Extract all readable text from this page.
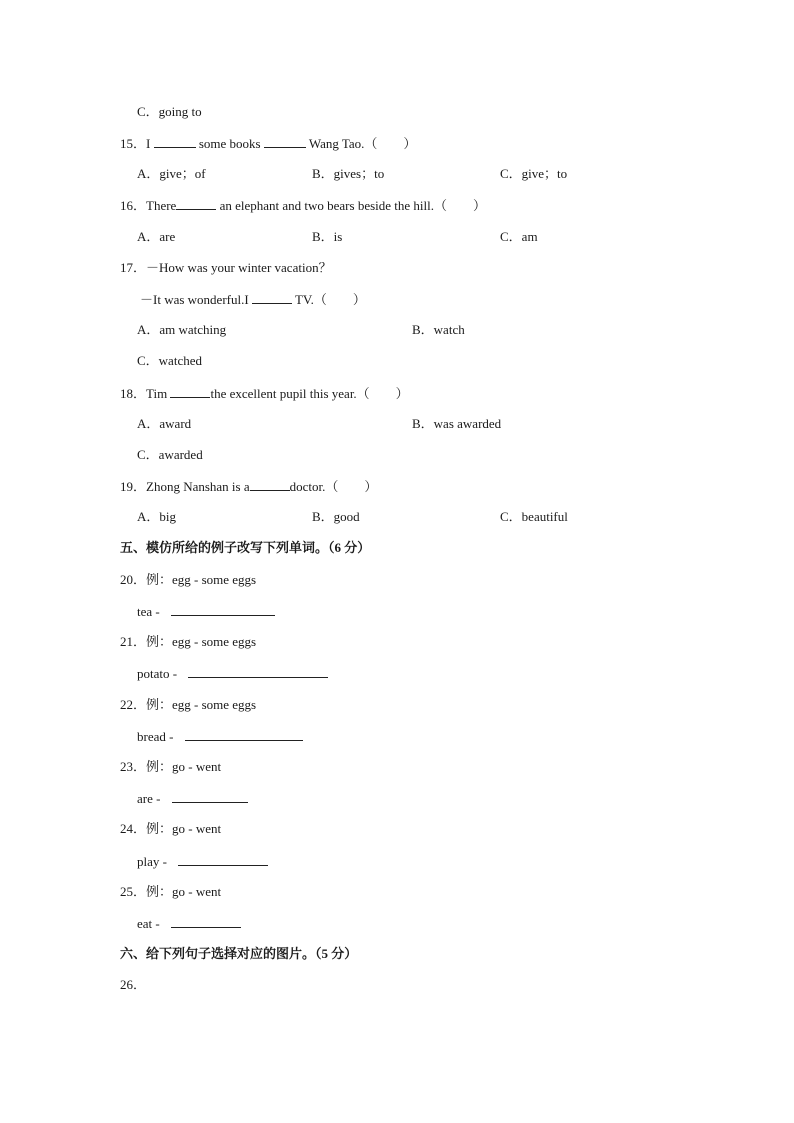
C．going to
15．I	some books	Wang Tao.（　　）
A．give；of	B．gives；to	C．give；to
16．There	an elephant and two bears beside the hill.（　　）
A．are	B．is	C．am
17．－How was your winter vacation？
－It was wonderful.I	TV.（　　）
A．am watching	B．watch
C．watched
18．Tim	the excellent pupil this year.（　　）
A．award	B．was awarded
C．awarded
19．Zhong Nanshan is a	doctor.（　　）
A．big	B．good	C．beautiful
五、模仿所给的例子改写下列单词。（6 分）
20．例：egg - some eggs
tea -
21．例：egg - some eggs
potato -
22．例：egg - some eggs
bread -
23．例：go - went
are -
24．例：go - went
play -
25．例：go - went
eat -
六、给下列句子选择对应的图片。（5 分）
26．
